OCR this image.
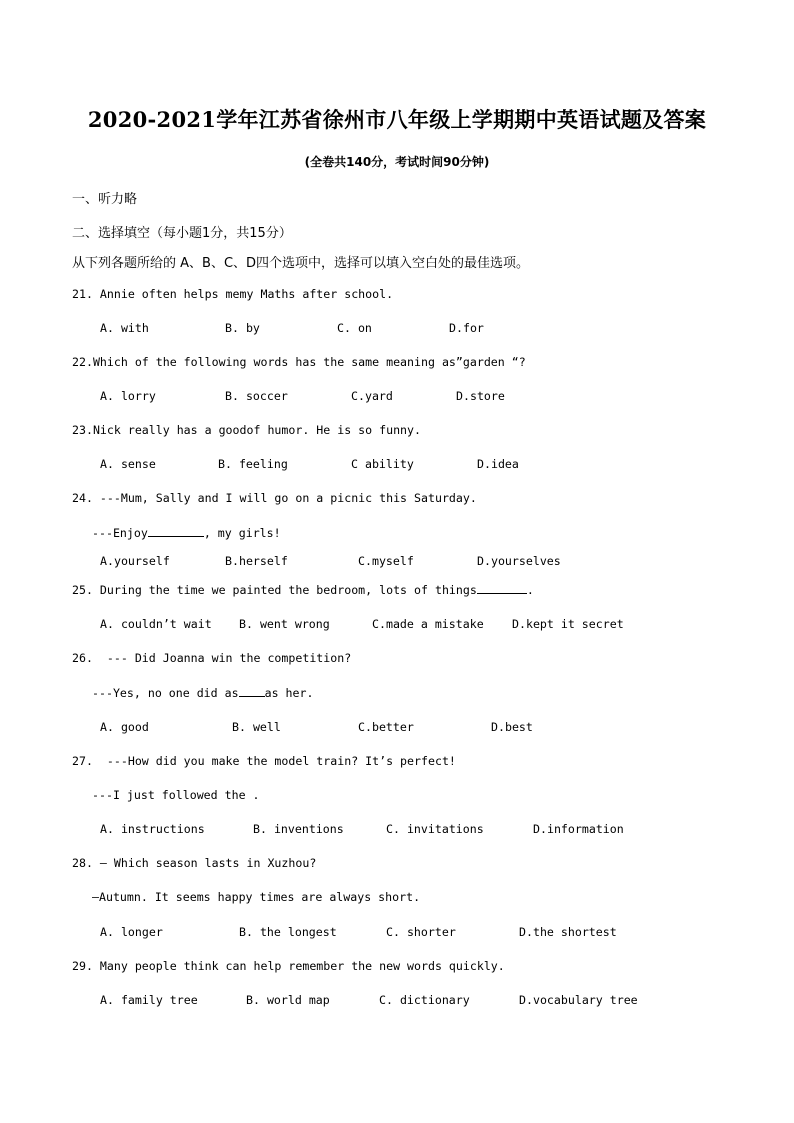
2020-2021学年江苏省徐州市八年级上学期期中英语试题及答案
(全卷共140分，考试时间90分钟)
一、听力略
二、选择填空（每小题1分，共15分）
从下列各题所给的 A、B、C、D四个选项中，选择可以填入空白处的最佳选项。
21. Annie often helps memy Maths after school.

A. with

	B. by

	C. on

	D.for

22.Which of the following words has the same meaning as”garden “?

A. lorry

	B. soccer

	C.yard

	D.store

23.Nick really has a goodof humor. He is so funny.

A. sense

	B. feeling

	C ability

	D.idea

24. ---Mum, Sally and I will go on a picnic this Saturday.
---Enjoy	, my girls!

A.yourself

	B.herself

	C.myself

	D.yourselves

25. During the time we painted the bedroom, lots of things	.

A. couldn’t wait

B. went wrong

	C.made a mistake

D.kept it secret

26.  --- Did Joanna win the competition?
---Yes, no one did as as her.

A. good

	B. well

	C.better

	D.best

27.  ---How did you make the model train? It’s perfect!
---I just followed the .

A. instructions

	B. inventions

	C. invitations

	D.information

28. — Which season lasts in Xuzhou?
—Autumn. It seems happy times are always short.

A. longer

	B. the longest

	C. shorter

	D.the shortest

29. Many people think can help remember the new words quickly.

A. family tree

	B. world map

	C. dictionary

	D.vocabulary tree
